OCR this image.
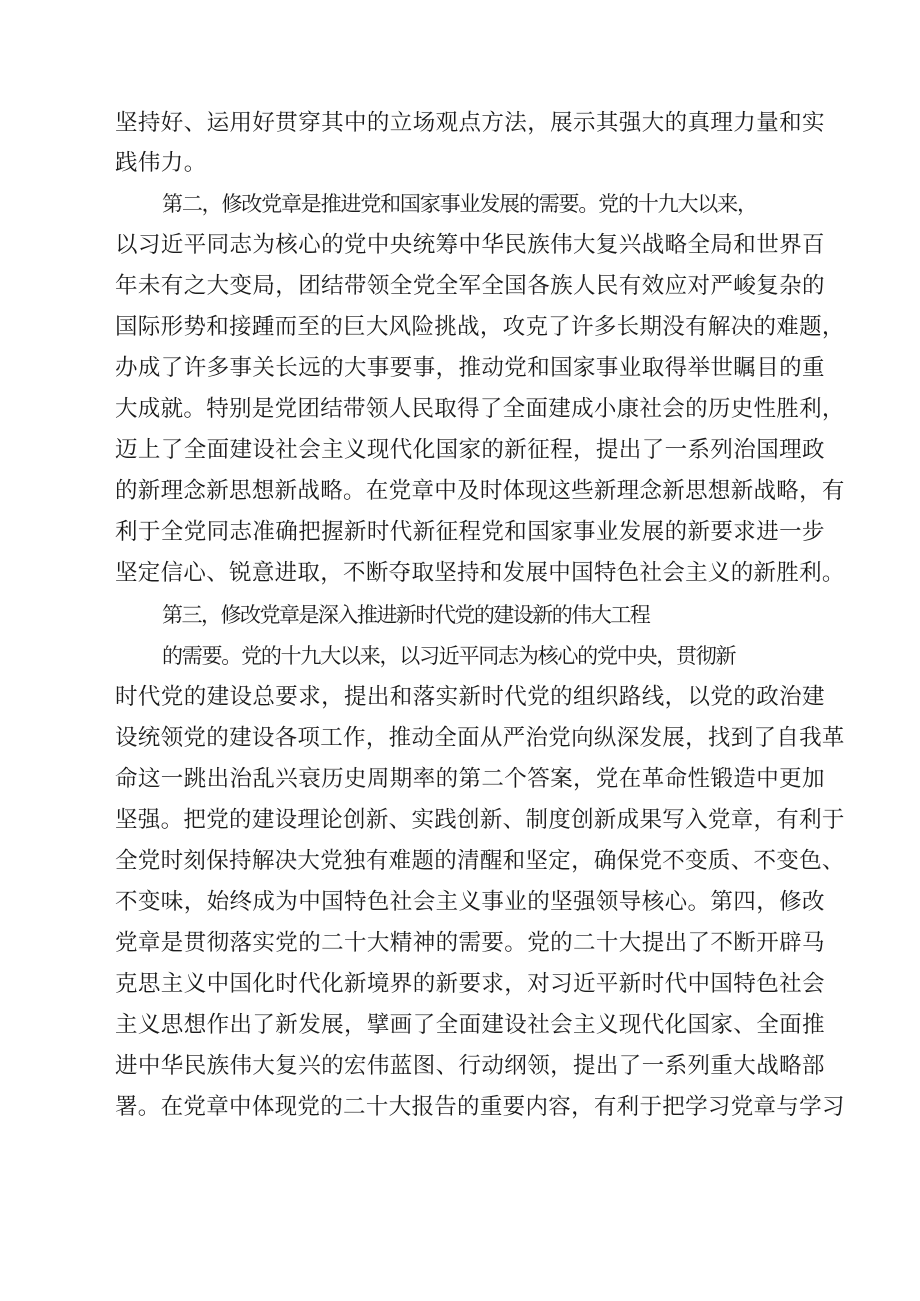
坚持好、运用好贯穿其中的立场观点方法，展示其强大的真理力量和实
践伟力。
第二，修改党章是推进党和国家事业发展的需要。党的十九大以来，
以习近平同志为核心的党中央统筹中华民族伟大复兴战略全局和世界百
年未有之大变局，团结带领全党全军全国各族人民有效应对严峻复杂的
国际形势和接踵而至的巨大风险挑战，攻克了许多长期没有解决的难题，
办成了许多事关长远的大事要事，推动党和国家事业取得举世瞩目的重
大成就。特别是党团结带领人民取得了全面建成小康社会的历史性胜利，
迈上了全面建设社会主义现代化国家的新征程，提出了一系列治国理政
的新理念新思想新战略。在党章中及时体现这些新理念新思想新战略，有
利于全党同志准确把握新时代新征程党和国家事业发展的新要求进一步
坚定信心、锐意进取，不断夺取坚持和发展中国特色社会主义的新胜利。
第三，修改党章是深入推进新时代党的建设新的伟大工程
的需要。党的十九大以来，以习近平同志为核心的党中央，贯彻新
时代党的建设总要求，提出和落实新时代党的组织路线，以党的政治建
设统领党的建设各项工作，推动全面从严治党向纵深发展，找到了自我革
命这一跳出治乱兴衰历史周期率的第二个答案，党在革命性锻造中更加
坚强。把党的建设理论创新、实践创新、制度创新成果写入党章，有利于
全党时刻保持解决大党独有难题的清醒和坚定，确保党不变质、不变色、
不变味，始终成为中国特色社会主义事业的坚强领导核心。第四，修改
党章是贯彻落实党的二十大精神的需要。党的二十大提出了不断开辟马
克思主义中国化时代化新境界的新要求，对习近平新时代中国特色社会
主义思想作出了新发展，擘画了全面建设社会主义现代化国家、全面推
进中华民族伟大复兴的宏伟蓝图、行动纲领，提出了一系列重大战略部
署。在党章中体现党的二十大报告的重要内容，有利于把学习党章与学习
